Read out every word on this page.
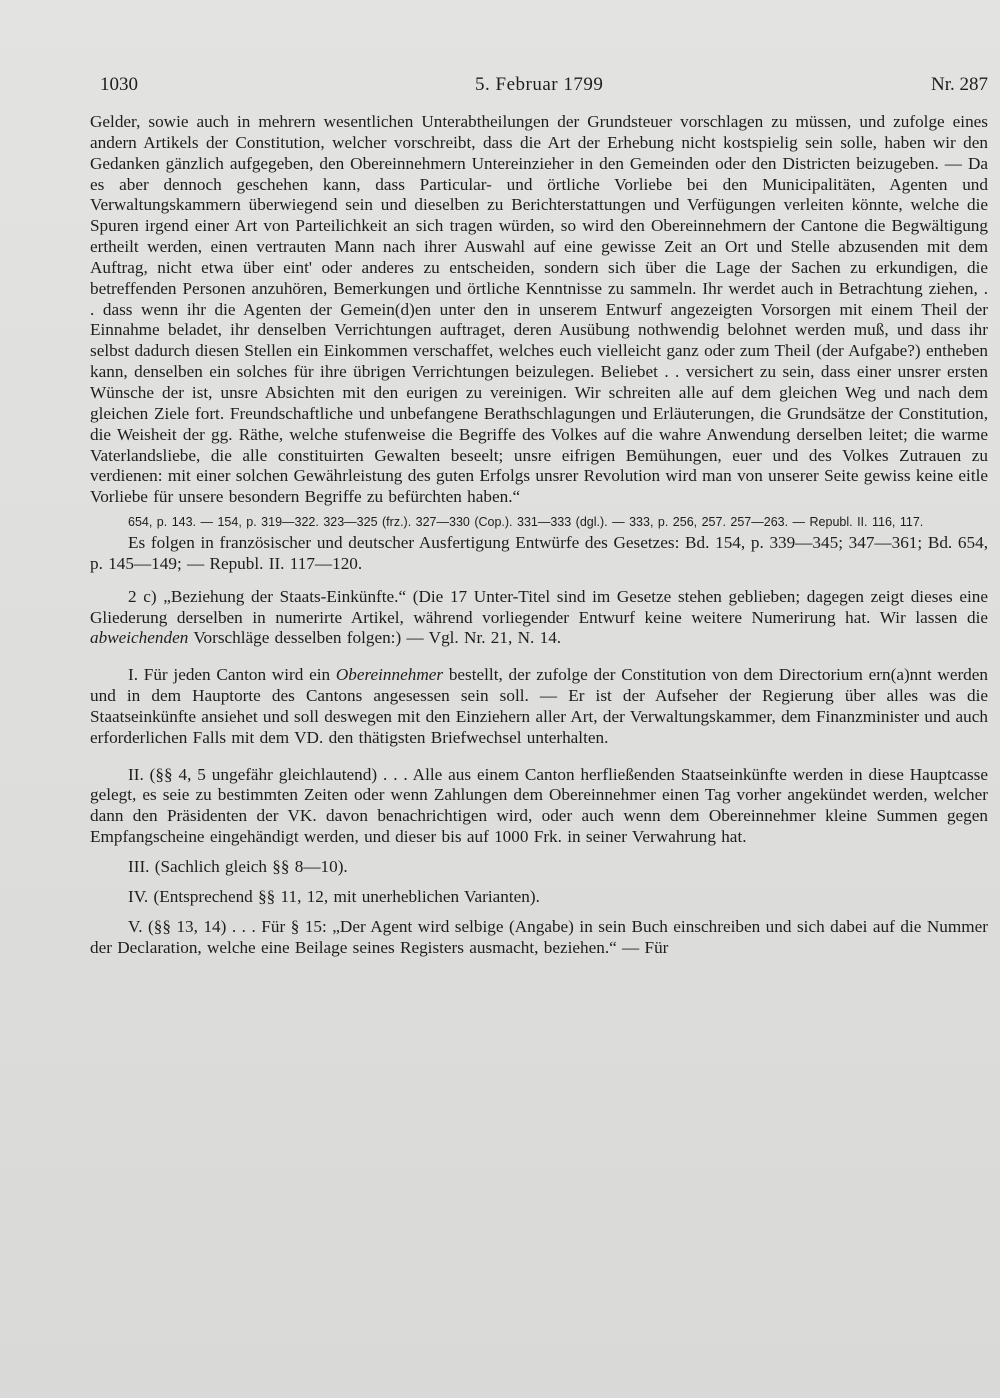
1030	5. Februar 1799	Nr. 287

Gelder, sowie auch in mehrern wesentlichen Unterabtheilungen der Grundsteuer vorschlagen zu müssen, und zufolge eines andern Artikels der Constitution, welcher vorschreibt, dass die Art der Erhebung nicht kostspielig sein solle, haben wir den Gedanken gänzlich aufgegeben, den Obereinnehmern Untereinzieher in den Gemeinden oder den Districten beizugeben. — Da es aber dennoch geschehen kann, dass Particular- und örtliche Vorliebe bei den Municipalitäten, Agenten und Verwaltungskammern überwiegend sein und dieselben zu Berichterstattungen und Verfügungen verleiten könnte, welche die Spuren irgend einer Art von Parteilichkeit an sich tragen würden, so wird den Obereinnehmern der Cantone die Begwältigung ertheilt werden, einen vertrauten Mann nach ihrer Auswahl auf eine gewisse Zeit an Ort und Stelle abzusenden mit dem Auftrag, nicht etwa über eint' oder anderes zu entscheiden, sondern sich über die Lage der Sachen zu erkundigen, die betreffenden Personen anzuhören, Bemerkungen und örtliche Kenntnisse zu sammeln. Ihr werdet auch in Betrachtung ziehen, . . dass wenn ihr die Agenten der Gemein(d)en unter den in unserem Entwurf angezeigten Vorsorgen mit einem Theil der Einnahme beladet, ihr denselben Verrichtungen auftraget, deren Ausübung nothwendig belohnet werden muß, und dass ihr selbst dadurch diesen Stellen ein Einkommen verschaffet, welches euch vielleicht ganz oder zum Theil (der Aufgabe?) entheben kann, denselben ein solches für ihre übrigen Verrichtungen beizulegen. Beliebet . . versichert zu sein, dass einer unsrer ersten Wünsche der ist, unsre Absichten mit den eurigen zu vereinigen. Wir schreiten alle auf dem gleichen Weg und nach dem gleichen Ziele fort. Freundschaftliche und unbefangene Berathschlagungen und Erläuterungen, die Grundsätze der Constitution, die Weisheit der gg. Räthe, welche stufenweise die Begriffe des Volkes auf die wahre Anwendung derselben leitet; die warme Vaterlandsliebe, die alle constituirten Gewalten beseelt; unsre eifrigen Bemühungen, euer und des Volkes Zutrauen zu verdienen: mit einer solchen Gewährleistung des guten Erfolgs unsrer Revolution wird man von unserer Seite gewiss keine eitle Vorliebe für unsere besondern Begriffe zu befürchten haben.“

654, p. 143. — 154, p. 319—322. 323—325 (frz.). 327—330 (Cop.). 331—333 (dgl.). — 333, p. 256, 257. 257—263. — Republ. II. 116, 117.

Es folgen in französischer und deutscher Ausfertigung Entwürfe des Gesetzes: Bd. 154, p. 339—345; 347—361; Bd. 654, p. 145—149; — Republ. II. 117—120.

2 c) „Beziehung der Staats-Einkünfte.“ (Die 17 Unter-Titel sind im Gesetze stehen geblieben; dagegen zeigt dieses eine Gliederung derselben in numerirte Artikel, während vorliegender Entwurf keine weitere Numerirung hat. Wir lassen die abweichenden Vorschläge desselben folgen:) — Vgl. Nr. 21, N. 14.

I. Für jeden Canton wird ein Obereinnehmer bestellt, der zufolge der Constitution von dem Directorium ern(a)nnt werden und in dem Hauptorte des Cantons angesessen sein soll. — Er ist der Aufseher der Regierung über alles was die Staatseinkünfte ansiehet und soll deswegen mit den Einziehern aller Art, der Verwaltungskammer, dem Finanzminister und auch erforderlichen Falls mit dem VD. den thätigsten Briefwechsel unterhalten.

II. (§§ 4, 5 ungefähr gleichlautend) . . . Alle aus einem Canton herfließenden Staatseinkünfte werden in diese Hauptcasse gelegt, es seie zu bestimmten Zeiten oder wenn Zahlungen dem Obereinnehmer einen Tag vorher angekündet werden, welcher dann den Präsidenten der VK. davon benachrichtigen wird, oder auch wenn dem Obereinnehmer kleine Summen gegen Empfangscheine eingehändigt werden, und dieser bis auf 1000 Frk. in seiner Verwahrung hat.

III. (Sachlich gleich §§ 8—10).

IV. (Entsprechend §§ 11, 12, mit unerheblichen Varianten).

V. (§§ 13, 14) . . . Für § 15: „Der Agent wird selbige (Angabe) in sein Buch einschreiben und sich dabei auf die Nummer der Declaration, welche eine Beilage seines Registers ausmacht, beziehen.“ — Für
